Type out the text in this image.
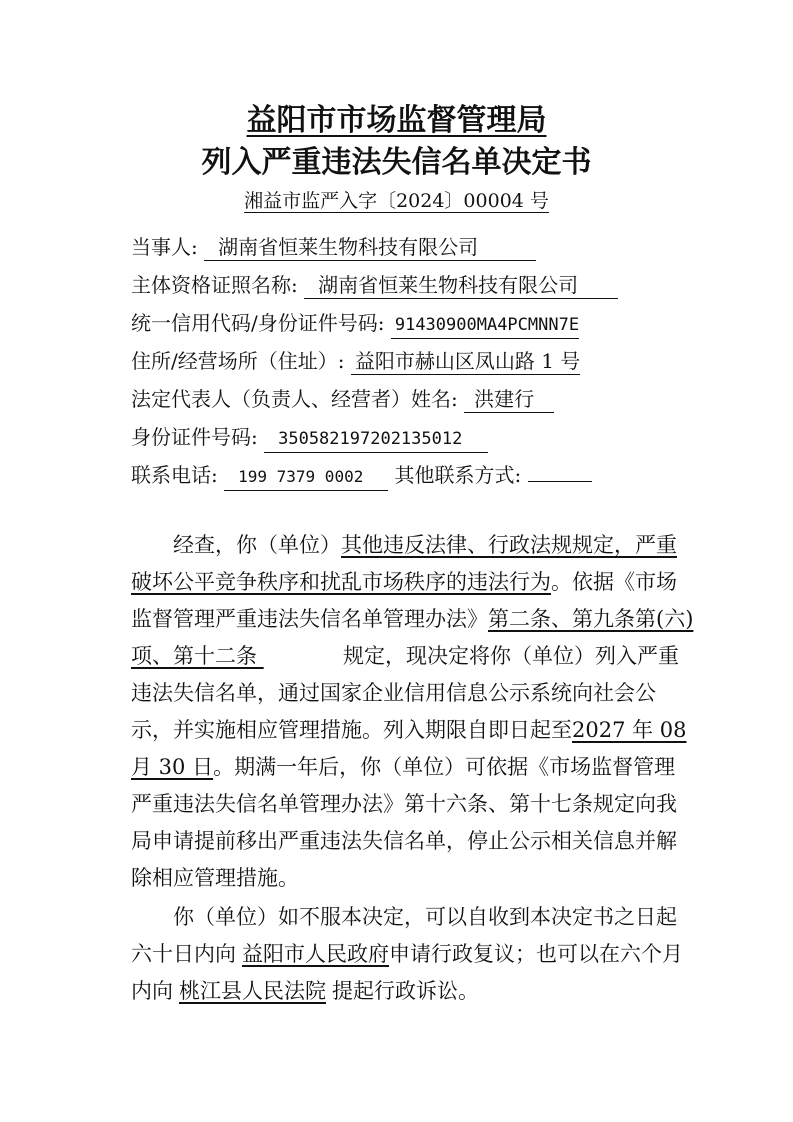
益阳市市场监督管理局
列入严重违法失信名单决定书
湘益市监严入字〔2024〕00004 号
当事人: 湖南省恒莱生物科技有限公司
主体资格证照名称: 湖南省恒莱生物科技有限公司
统一信用代码/身份证件号码: 91430900MA4PCMNN7E
住所/经营场所（住址）: 益阳市赫山区凤山路 1 号
法定代表人（负责人、经营者）姓名: 洪建行
身份证件号码: 350582197202135012
联系电话: 199 7379 0002 其他联系方式:
经查，你（单位）其他违反法律、行政法规规定，严重
破坏公平竞争秩序和扰乱市场秩序的违法行为。依据《市场
监督管理严重违法失信名单管理办法》第二条、第九条第(六)
项、第十二条	规定，现决定将你（单位）列入严重
违法失信名单，通过国家企业信用信息公示系统向社会公
示，并实施相应管理措施。列入期限自即日起至2027 年 08
月 30 日。期满一年后，你（单位）可依据《市场监督管理
严重违法失信名单管理办法》第十六条、第十七条规定向我
局申请提前移出严重违法失信名单，停止公示相关信息并解
除相应管理措施。
你（单位）如不服本决定，可以自收到本决定书之日起
六十日内向 益阳市人民政府申请行政复议；也可以在六个月
内向 桃江县人民法院 提起行政诉讼。
